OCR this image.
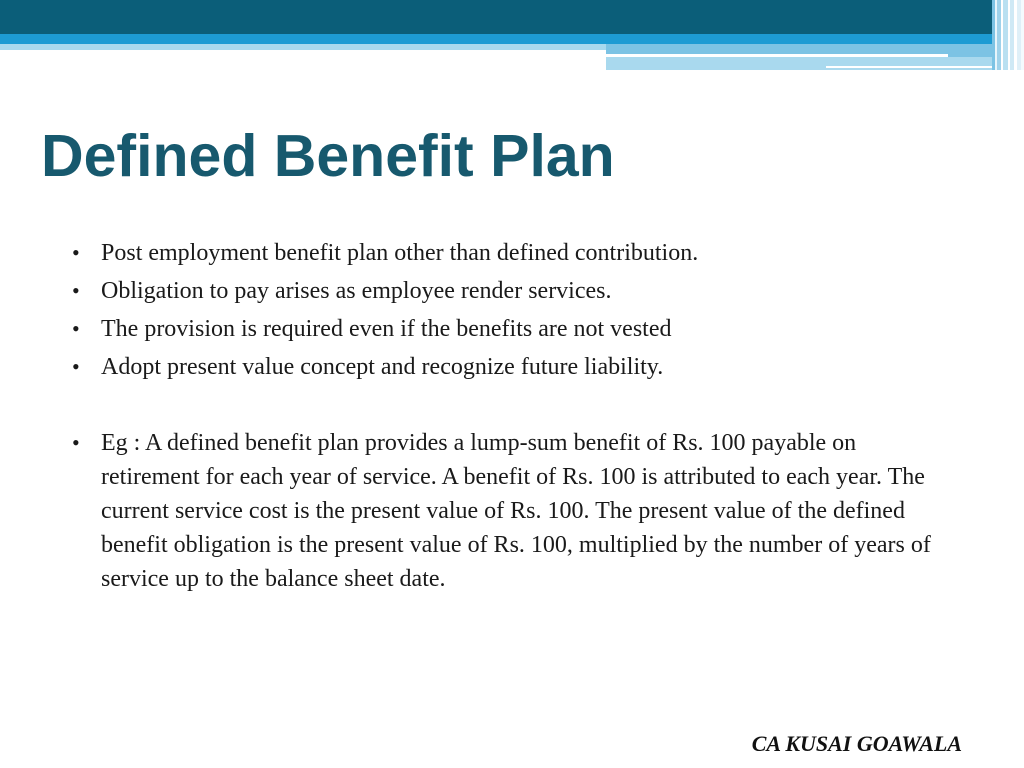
Defined Benefit Plan
• Post employment benefit plan other than defined contribution.
• Obligation to pay arises as employee render services.
• The provision is required even if the benefits are not vested
• Adopt present value concept and recognize future liability.
• Eg : A defined benefit plan provides a lump-sum benefit of Rs. 100 payable on retirement for each year of service. A benefit of Rs. 100 is attributed to each year. The current service cost is the present value of Rs. 100. The present value of the defined benefit obligation is the present value of Rs. 100, multiplied by the number of years of service up to the balance sheet date.
CA KUSAI GOAWALA
